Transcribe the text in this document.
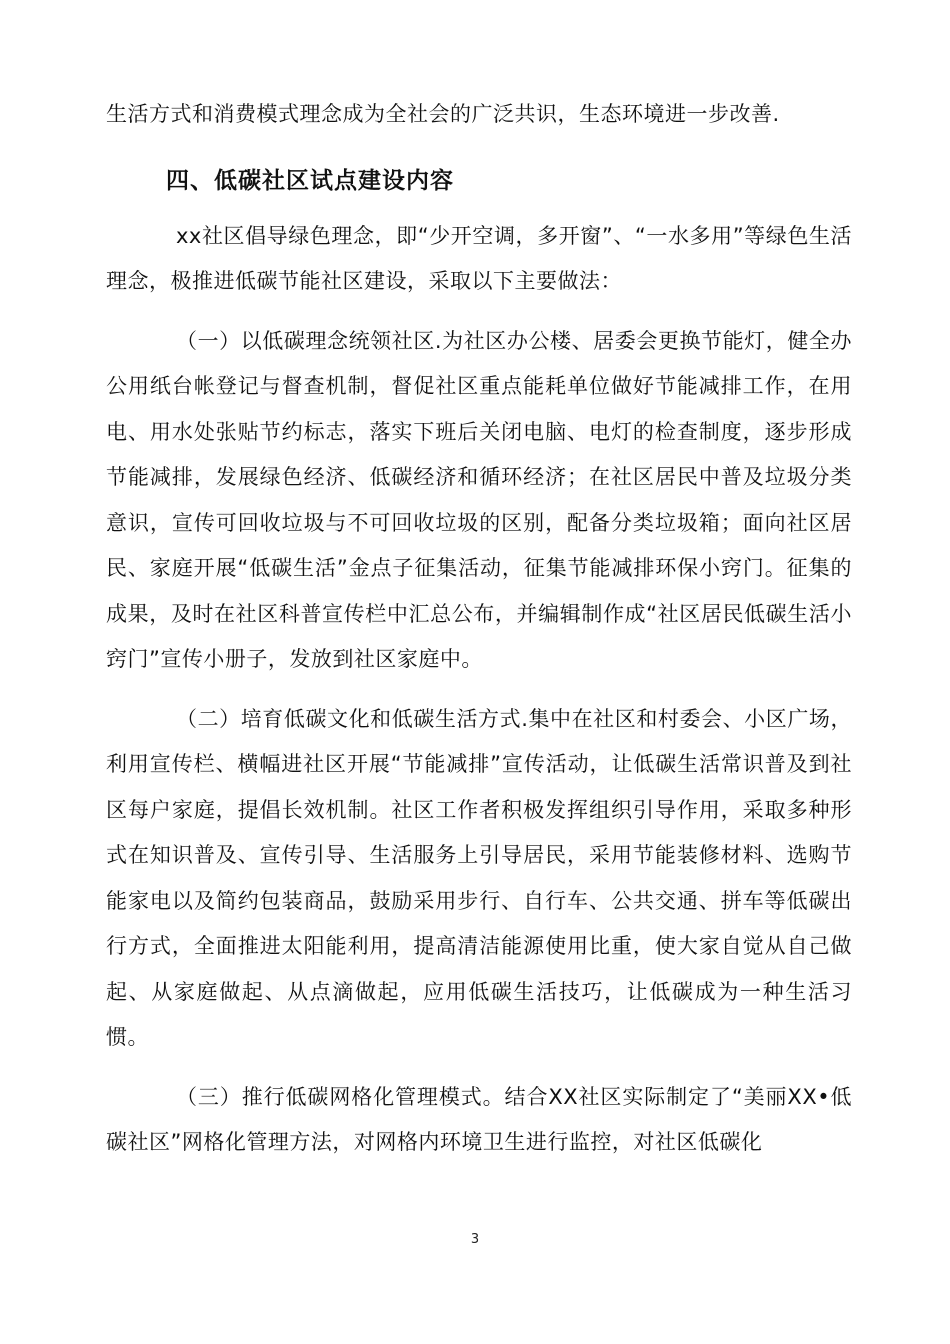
生活方式和消费模式理念成为全社会的广泛共识，生态环境进一步改善.

四、低碳社区试点建设内容

xx社区倡导绿色理念，即“少开空调，多开窗”、“一水多用”等绿色生活理念，极推进低碳节能社区建设，采取以下主要做法：

（一）以低碳理念统领社区.为社区办公楼、居委会更换节能灯，健全办公用纸台帐登记与督查机制，督促社区重点能耗单位做好节能减排工作，在用电、用水处张贴节约标志，落实下班后关闭电脑、电灯的检查制度，逐步形成节能减排，发展绿色经济、低碳经济和循环经济；在社区居民中普及垃圾分类意识，宣传可回收垃圾与不可回收垃圾的区别，配备分类垃圾箱；面向社区居民、家庭开展“低碳生活”金点子征集活动，征集节能减排环保小窍门。征集的成果，及时在社区科普宣传栏中汇总公布，并编辑制作成“社区居民低碳生活小窍门”宣传小册子，发放到社区家庭中。

（二）培育低碳文化和低碳生活方式.集中在社区和村委会、小区广场，利用宣传栏、横幅进社区开展“节能减排”宣传活动，让低碳生活常识普及到社区每户家庭，提倡长效机制。社区工作者积极发挥组织引导作用，采取多种形式在知识普及、宣传引导、生活服务上引导居民，采用节能装修材料、选购节能家电以及简约包装商品，鼓励采用步行、自行车、公共交通、拼车等低碳出行方式，全面推进太阳能利用，提高清洁能源使用比重，使大家自觉从自己做起、从家庭做起、从点滴做起，应用低碳生活技巧，让低碳成为一种生活习惯。

（三）推行低碳网格化管理模式。结合XX社区实际制定了“美丽XX•低碳社区”网格化管理方法，对网格内环境卫生进行监控，对社区低碳化

3
